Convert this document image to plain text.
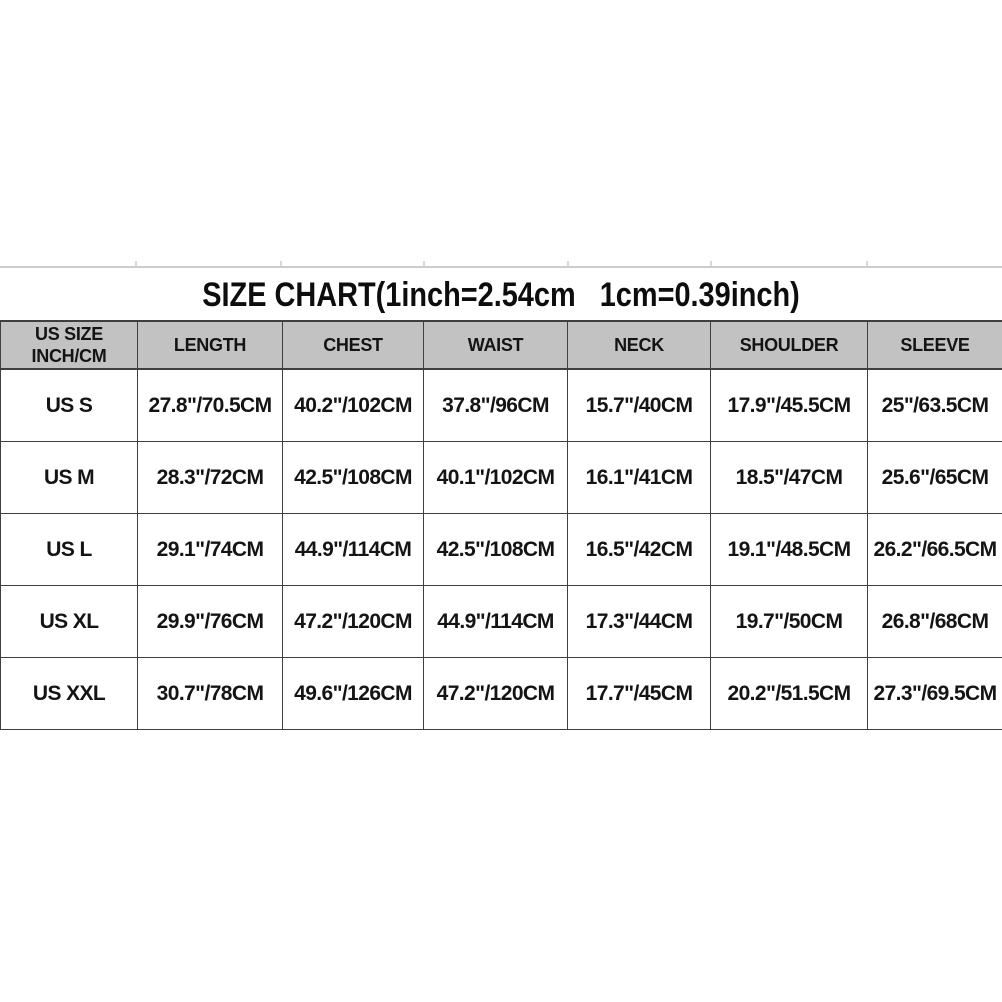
SIZE CHART(1inch=2.54cm   1cm=0.39inch)
US SIZE
INCH/CM	LENGTH	CHEST	WAIST	NECK	SHOULDER	SLEEVE
US S	27.8"/70.5CM	40.2"/102CM	37.8"/96CM	15.7"/40CM	17.9"/45.5CM	25"/63.5CM
US M	28.3"/72CM	42.5"/108CM	40.1"/102CM	16.1"/41CM	18.5"/47CM	25.6"/65CM
US L	29.1"/74CM	44.9"/114CM	42.5"/108CM	16.5"/42CM	19.1"/48.5CM	26.2"/66.5CM
US XL	29.9"/76CM	47.2"/120CM	44.9"/114CM	17.3"/44CM	19.7"/50CM	26.8"/68CM
US XXL	30.7"/78CM	49.6"/126CM	47.2"/120CM	17.7"/45CM	20.2"/51.5CM	27.3"/69.5CM
